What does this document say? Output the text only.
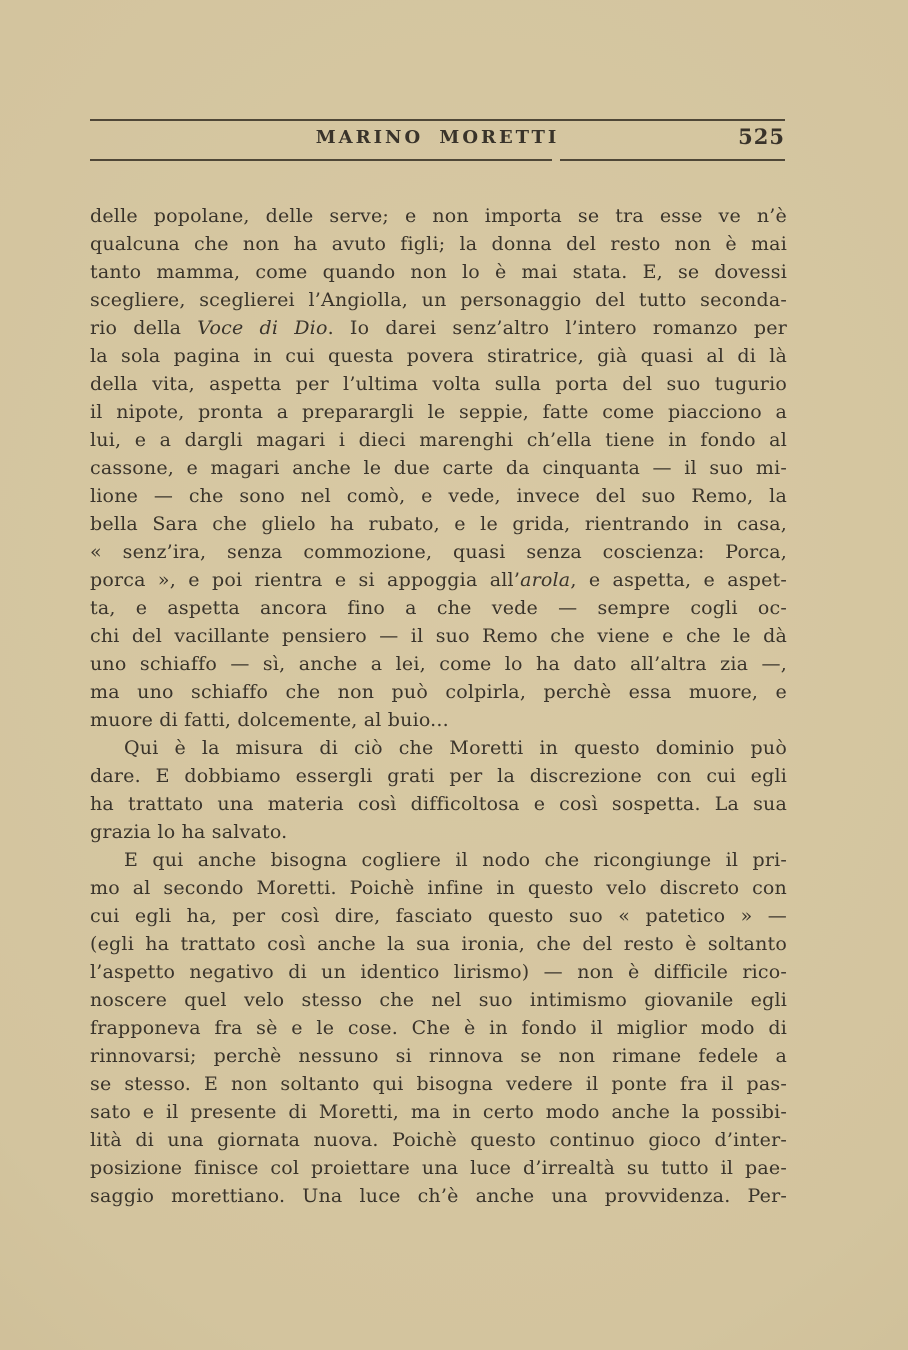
MARINO MORETTI	525
delle popolane, delle serve; e non importa se tra esse ve n’è
qualcuna che non ha avuto figli; la donna del resto non è mai
tanto mamma, come quando non lo è mai stata. E, se dovessi
scegliere, sceglierei l’Angiolla, un personaggio del tutto seconda-
rio della Voce di Dio. Io darei senz’altro l’intero romanzo per
la sola pagina in cui questa povera stiratrice, già quasi al di là
della vita, aspetta per l’ultima volta sulla porta del suo tugurio
il nipote, pronta a preparargli le seppie, fatte come piacciono a
lui, e a dargli magari i dieci marenghi ch’ella tiene in fondo al
cassone, e magari anche le due carte da cinquanta — il suo mi-
lione — che sono nel comò, e vede, invece del suo Remo, la
bella Sara che glielo ha rubato, e le grida, rientrando in casa,
« senz’ira, senza commozione, quasi senza coscienza: Porca,
porca », e poi rientra e si appoggia all’arola, e aspetta, e aspet-
ta, e aspetta ancora fino a che vede — sempre cogli oc-
chi del vacillante pensiero — il suo Remo che viene e che le dà
uno schiaffo — sì, anche a lei, come lo ha dato all’altra zia —,
ma uno schiaffo che non può colpirla, perchè essa muore, e
muore di fatti, dolcemente, al buio...
Qui è la misura di ciò che Moretti in questo dominio può
dare. E dobbiamo essergli grati per la discrezione con cui egli
ha trattato una materia così difficoltosa e così sospetta. La sua
grazia lo ha salvato.
E qui anche bisogna cogliere il nodo che ricongiunge il pri-
mo al secondo Moretti. Poichè infine in questo velo discreto con
cui egli ha, per così dire, fasciato questo suo « patetico » —
(egli ha trattato così anche la sua ironia, che del resto è soltanto
l’aspetto negativo di un identico lirismo) — non è difficile rico-
noscere quel velo stesso che nel suo intimismo giovanile egli
frapponeva fra sè e le cose. Che è in fondo il miglior modo di
rinnovarsi; perchè nessuno si rinnova se non rimane fedele a
se stesso. E non soltanto qui bisogna vedere il ponte fra il pas-
sato e il presente di Moretti, ma in certo modo anche la possibi-
lità di una giornata nuova. Poichè questo continuo gioco d’inter-
posizione finisce col proiettare una luce d’irrealtà su tutto il pae-
saggio morettiano. Una luce ch’è anche una provvidenza. Per-
